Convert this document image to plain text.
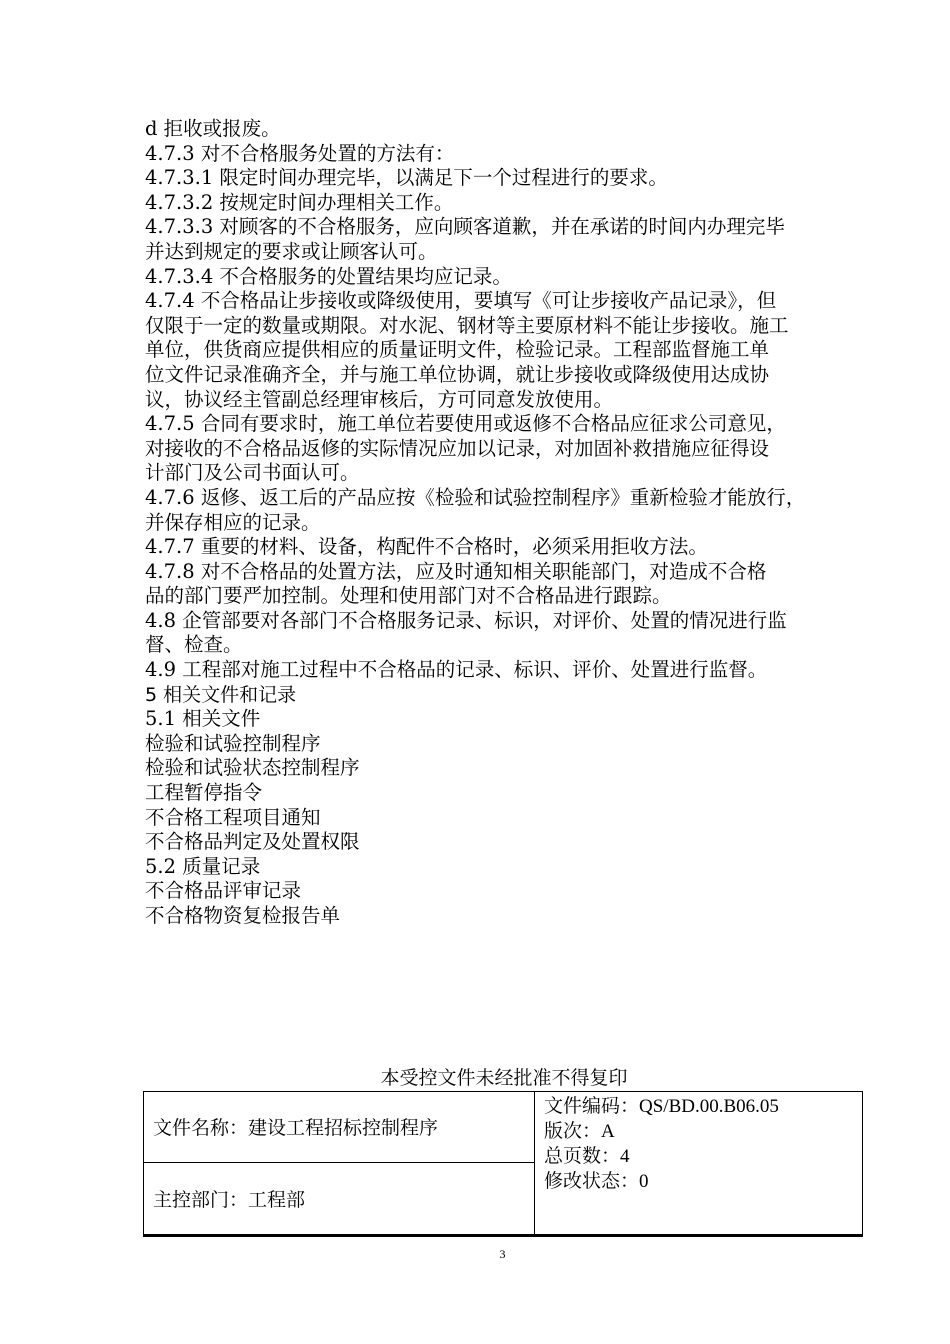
d 拒收或报废。

4.7.3 对不合格服务处置的方法有：

4.7.3.1 限定时间办理完毕，以满足下一个过程进行的要求。

4.7.3.2 按规定时间办理相关工作。

4.7.3.3 对顾客的不合格服务，应向顾客道歉，并在承诺的时间内办理完毕

并达到规定的要求或让顾客认可。

4.7.3.4 不合格服务的处置结果均应记录。

4.7.4 不合格品让步接收或降级使用，要填写《可让步接收产品记录》，但

仅限于一定的数量或期限。对水泥、钢材等主要原材料不能让步接收。施工

单位，供货商应提供相应的质量证明文件，检验记录。工程部监督施工单

位文件记录准确齐全，并与施工单位协调，就让步接收或降级使用达成协

议，协议经主管副总经理审核后，方可同意发放使用。

4.7.5 合同有要求时，施工单位若要使用或返修不合格品应征求公司意见，

对接收的不合格品返修的实际情况应加以记录，对加固补救措施应征得设

计部门及公司书面认可。

4.7.6 返修、返工后的产品应按《检验和试验控制程序》重新检验才能放行，

并保存相应的记录。

4.7.7 重要的材料、设备，构配件不合格时，必须采用拒收方法。

4.7.8 对不合格品的处置方法，应及时通知相关职能部门，对造成不合格

品的部门要严加控制。处理和使用部门对不合格品进行跟踪。

4.8 企管部要对各部门不合格服务记录、标识，对评价、处置的情况进行监

督、检查。

4.9 工程部对施工过程中不合格品的记录、标识、评价、处置进行监督。

5 相关文件和记录

5.1 相关文件

检验和试验控制程序

检验和试验状态控制程序

工程暂停指令

不合格工程项目通知

不合格品判定及处置权限

5.2 质量记录

不合格品评审记录

不合格物资复检报告单

本受控文件未经批准不得复印
文件名称：建设工程招标控制程序	
文件编码：QS/BD.00.B06.05
版次：A
总页数：4
修改状态：0

主控部门：工程部
3
